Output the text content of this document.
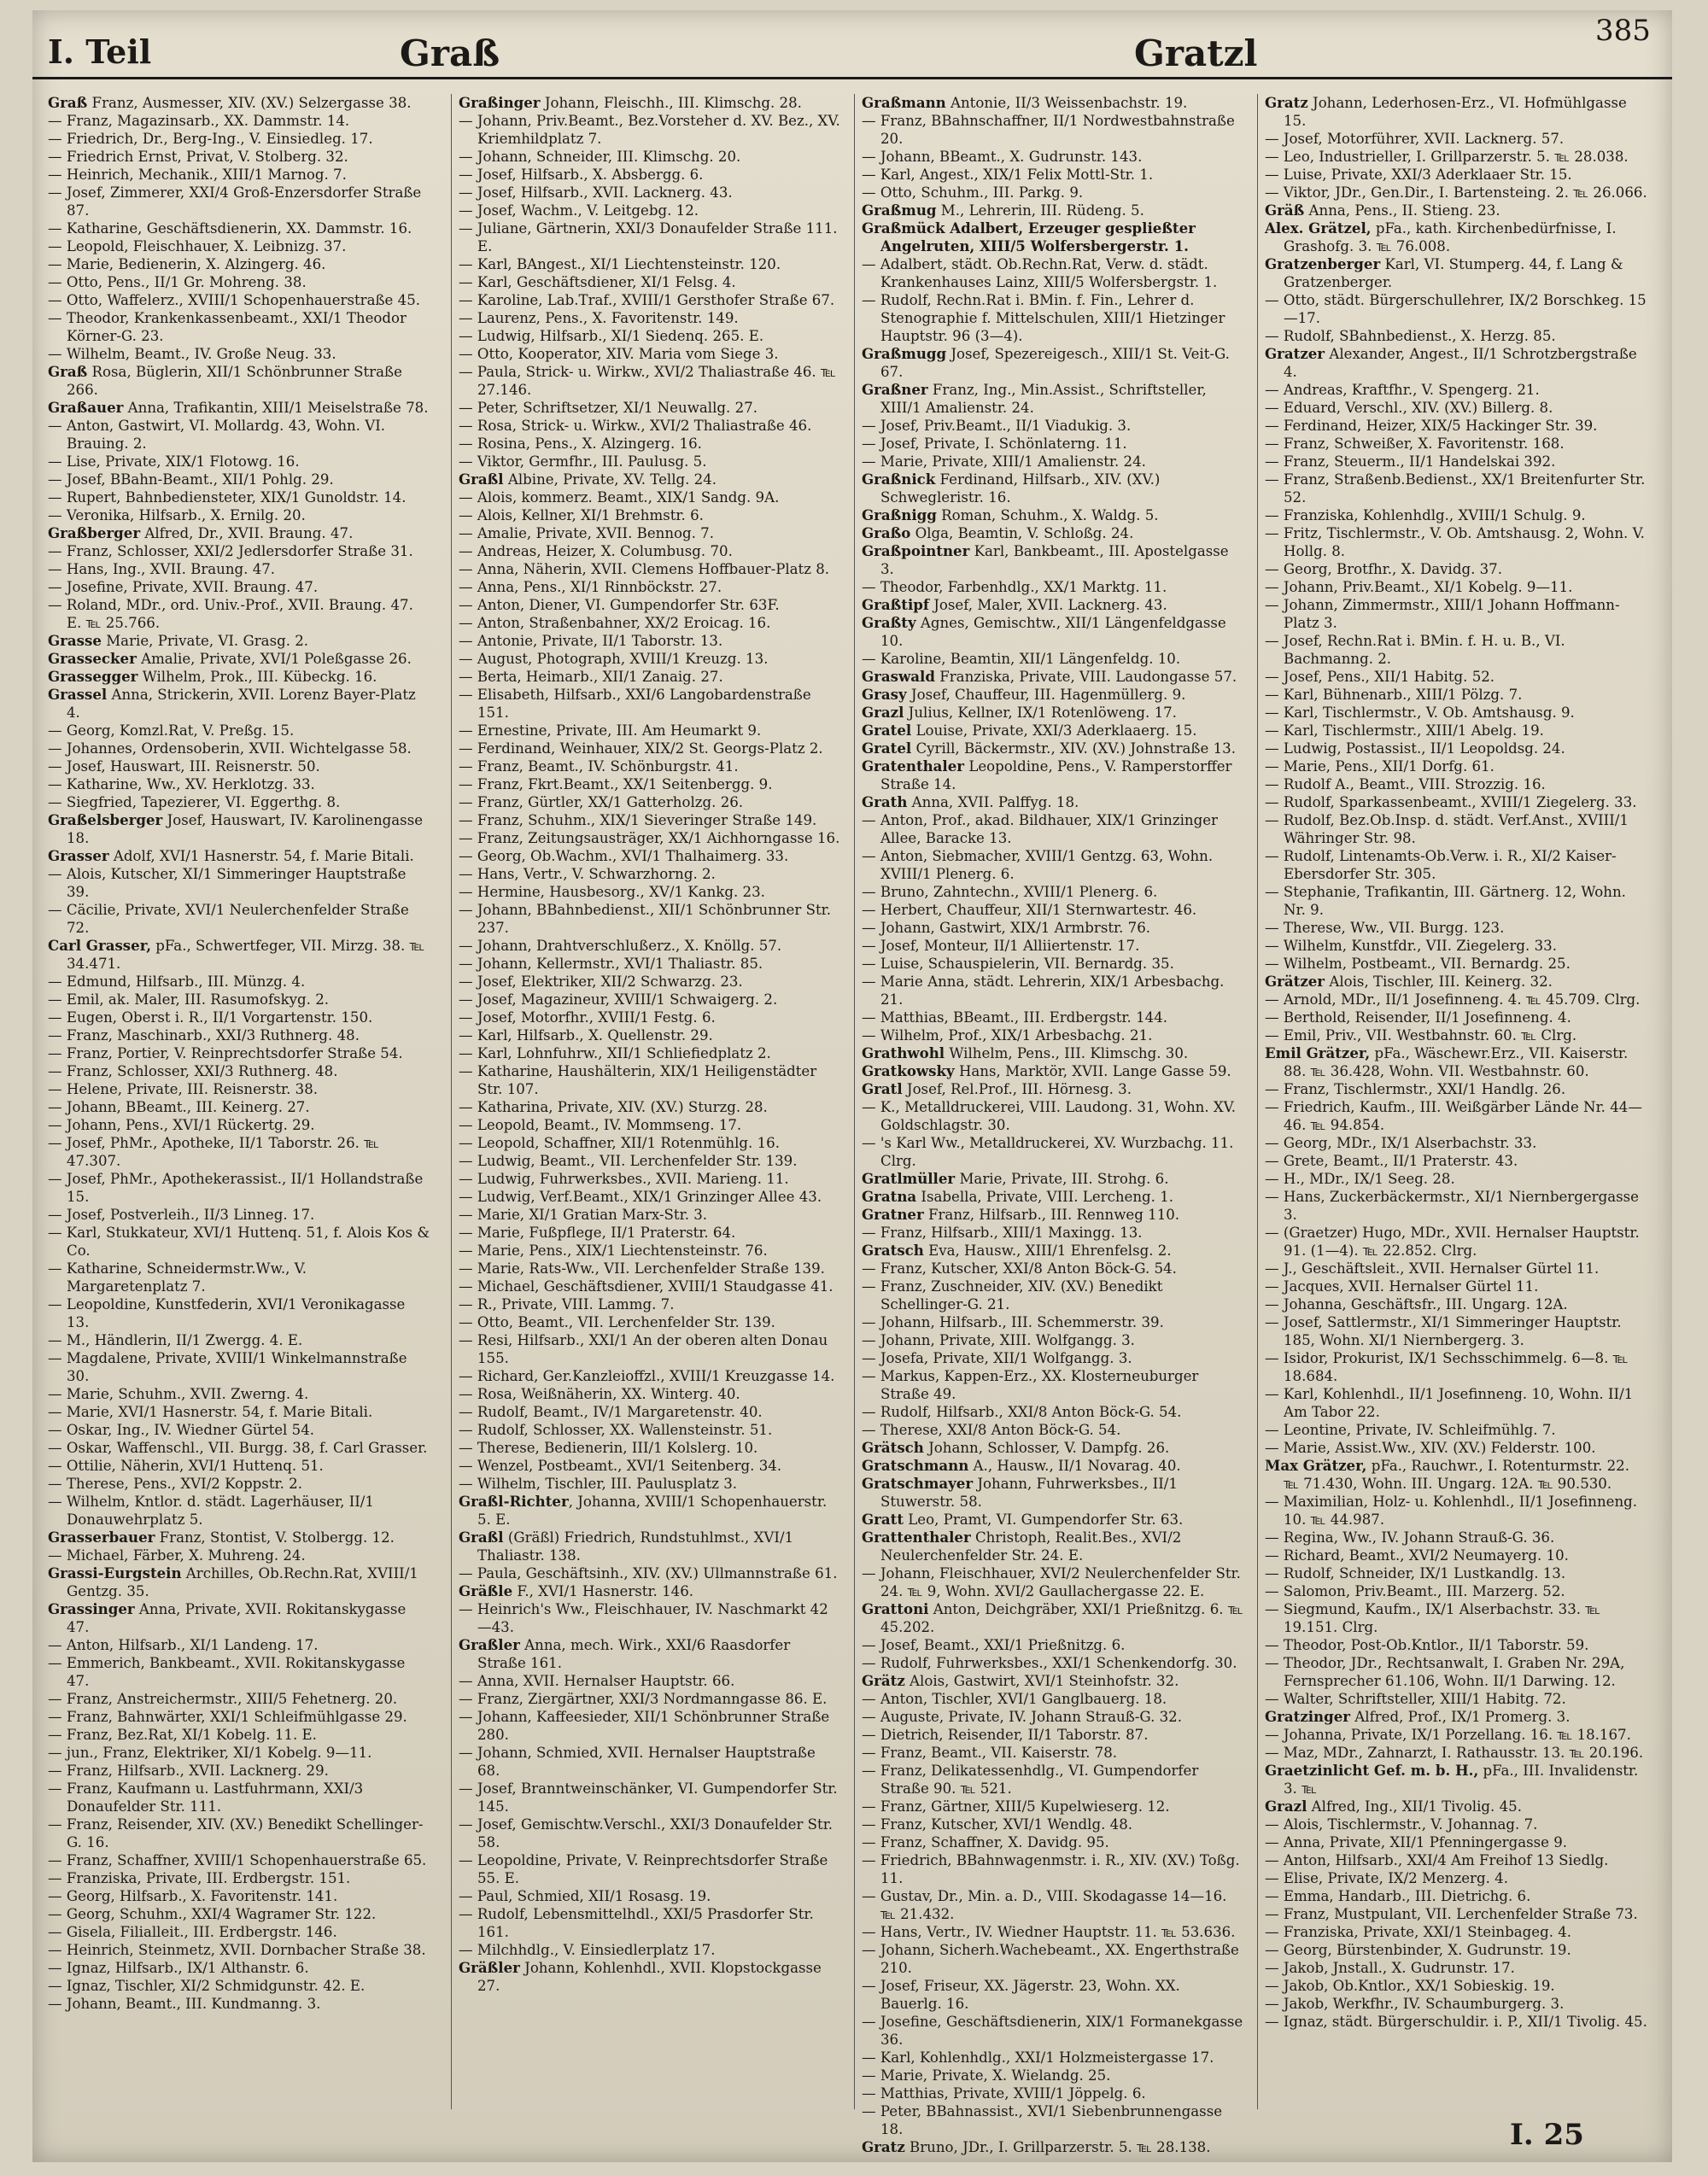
I. Teil	Graß	Gratzl
385

Graß Franz, Ausmesser, XIV. (XV.) Selzergasse 38.

— Franz, Magazinsarb., XX. Dammstr. 14.

— Friedrich, Dr., Berg-Ing., V. Einsiedleg. 17.

— Friedrich Ernst, Privat, V. Stolberg. 32.

— Heinrich, Mechanik., XIII/1 Marnog. 7.

— Josef, Zimmerer, XXI/4 Groß-Enzersdorfer Straße 87.

— Katharine, Geschäftsdienerin, XX. Dammstr. 16.

— Leopold, Fleischhauer, X. Leibnizg. 37.

— Marie, Bedienerin, X. Alzingerg. 46.

— Otto, Pens., II/1 Gr. Mohreng. 38.

— Otto, Waffelerz., XVIII/1 Schopenhauerstraße 45.

— Theodor, Krankenkassenbeamt., XXI/1 Theodor Körner-G. 23.

— Wilhelm, Beamt., IV. Große Neug. 33.

Graß Rosa, Büglerin, XII/1 Schönbrunner Straße 266.

Graßauer Anna, Trafikantin, XIII/1 Meiselstraße 78.

— Anton, Gastwirt, VI. Mollardg. 43, Wohn. VI. Brauing. 2.

— Lise, Private, XIX/1 Flotowg. 16.

— Josef, BBahn-Beamt., XII/1 Pohlg. 29.

— Rupert, Bahnbediensteter, XIX/1 Gunoldstr. 14.

— Veronika, Hilfsarb., X. Ernilg. 20.

Graßberger Alfred, Dr., XVII. Braung. 47.

— Franz, Schlosser, XXI/2 Jedlersdorfer Straße 31.

— Hans, Ing., XVII. Braung. 47.

— Josefine, Private, XVII. Braung. 47.

— Roland, MDr., ord. Univ.-Prof., XVII. Braung. 47. E. ℡ 25.766.

Grasse Marie, Private, VI. Grasg. 2.

Grassecker Amalie, Private, XVI/1 Poleßgasse 26.

Grassegger Wilhelm, Prok., III. Kübeckg. 16.

Grassel Anna, Strickerin, XVII. Lorenz Bayer-Platz 4.

— Georg, Komzl.Rat, V. Preßg. 15.

— Johannes, Ordensoberin, XVII. Wichtelgasse 58.

— Josef, Hauswart, III. Reisnerstr. 50.

— Katharine, Ww., XV. Herklotzg. 33.

— Siegfried, Tapezierer, VI. Eggerthg. 8.

Graßelsberger Josef, Hauswart, IV. Karolinengasse 18.

Grasser Adolf, XVI/1 Hasnerstr. 54, f. Marie Bitali.

— Alois, Kutscher, XI/1 Simmeringer Hauptstraße 39.

— Cäcilie, Private, XVI/1 Neulerchenfelder Straße 72.

Carl Grasser, pFa., Schwertfeger, VII. Mirzg. 38. ℡ 34.471.

— Edmund, Hilfsarb., III. Münzg. 4.

— Emil, ak. Maler, III. Rasumofskyg. 2.

— Eugen, Oberst i. R., II/1 Vorgartenstr. 150.

— Franz, Maschinarb., XXI/3 Ruthnerg. 48.

— Franz, Portier, V. Reinprechtsdorfer Straße 54.

— Franz, Schlosser, XXI/3 Ruthnerg. 48.

— Helene, Private, III. Reisnerstr. 38.

— Johann, BBeamt., III. Keinerg. 27.

— Johann, Pens., XVI/1 Rückertg. 29.

— Josef, PhMr., Apotheke, II/1 Taborstr. 26. ℡ 47.307.

— Josef, PhMr., Apothekerassist., II/1 Hollandstraße 15.

— Josef, Postverleih., II/3 Linneg. 17.

— Karl, Stukkateur, XVI/1 Huttenq. 51, f. Alois Kos & Co.

— Katharine, Schneidermstr.Ww., V. Margaretenplatz 7.

— Leopoldine, Kunstfederin, XVI/1 Veronikagasse 13.

— M., Händlerin, II/1 Zwergg. 4. E.

— Magdalene, Private, XVIII/1 Winkelmannstraße 30.

— Marie, Schuhm., XVII. Zwerng. 4.

— Marie, XVI/1 Hasnerstr. 54, f. Marie Bitali.

— Oskar, Ing., IV. Wiedner Gürtel 54.

— Oskar, Waffenschl., VII. Burgg. 38, f. Carl Grasser.

— Ottilie, Näherin, XVI/1 Huttenq. 51.

— Therese, Pens., XVI/2 Koppstr. 2.

— Wilhelm, Kntlor. d. städt. Lagerhäuser, II/1 Donauwehrplatz 5.

Grasserbauer Franz, Stontist, V. Stolbergg. 12.

— Michael, Färber, X. Muhreng. 24.

Grassi-Eurgstein Archilles, Ob.Rechn.Rat, XVIII/1 Gentzg. 35.

Grassinger Anna, Private, XVII. Rokitanskygasse 47.

— Anton, Hilfsarb., XI/1 Landeng. 17.

— Emmerich, Bankbeamt., XVII. Rokitanskygasse 47.

— Franz, Anstreichermstr., XIII/5 Fehetnerg. 20.

— Franz, Bahnwärter, XXI/1 Schleifmühlgasse 29.

— Franz, Bez.Rat, XI/1 Kobelg. 11. E.

— jun., Franz, Elektriker, XI/1 Kobelg. 9—11.

— Franz, Hilfsarb., XVII. Lacknerg. 29.

— Franz, Kaufmann u. Lastfuhrmann, XXI/3 Donaufelder Str. 111.

— Franz, Reisender, XIV. (XV.) Benedikt Schellinger-G. 16.

— Franz, Schaffner, XVIII/1 Schopenhauerstraße 65.

— Franziska, Private, III. Erdbergstr. 151.

— Georg, Hilfsarb., X. Favoritenstr. 141.

— Georg, Schuhm., XXI/4 Wagramer Str. 122.

— Gisela, Filialleit., III. Erdbergstr. 146.

— Heinrich, Steinmetz, XVII. Dornbacher Straße 38.

— Ignaz, Hilfsarb., IX/1 Althanstr. 6.

— Ignaz, Tischler, XI/2 Schmidgunstr. 42. E.

— Johann, Beamt., III. Kundmanng. 3.

Graßinger Johann, Fleischh., III. Klimschg. 28.

— Johann, Priv.Beamt., Bez.Vorsteher d. XV. Bez., XV. Kriemhildplatz 7.

— Johann, Schneider, III. Klimschg. 20.

— Josef, Hilfsarb., X. Absbergg. 6.

— Josef, Hilfsarb., XVII. Lacknerg. 43.

— Josef, Wachm., V. Leitgebg. 12.

— Juliane, Gärtnerin, XXI/3 Donaufelder Straße 111. E.

— Karl, BAngest., XI/1 Liechtensteinstr. 120.

— Karl, Geschäftsdiener, XI/1 Felsg. 4.

— Karoline, Lab.Traf., XVIII/1 Gersthofer Straße 67.

— Laurenz, Pens., X. Favoritenstr. 149.

— Ludwig, Hilfsarb., XI/1 Siedenq. 265. E.

— Otto, Kooperator, XIV. Maria vom Siege 3.

— Paula, Strick- u. Wirkw., XVI/2 Thaliastraße 46. ℡ 27.146.

— Peter, Schriftsetzer, XI/1 Neuwallg. 27.

— Rosa, Strick- u. Wirkw., XVI/2 Thaliastraße 46.

— Rosina, Pens., X. Alzingerg. 16.

— Viktor, Germfhr., III. Paulusg. 5.

Graßl Albine, Private, XV. Tellg. 24.

— Alois, kommerz. Beamt., XIX/1 Sandg. 9A.

— Alois, Kellner, XI/1 Brehmstr. 6.

— Amalie, Private, XVII. Bennog. 7.

— Andreas, Heizer, X. Columbusg. 70.

— Anna, Näherin, XVII. Clemens Hoffbauer-Platz 8.

— Anna, Pens., XI/1 Rinnböckstr. 27.

— Anton, Diener, VI. Gumpendorfer Str. 63F.

— Anton, Straßenbahner, XX/2 Eroicag. 16.

— Antonie, Private, II/1 Taborstr. 13.

— August, Photograph, XVIII/1 Kreuzg. 13.

— Berta, Heimarb., XII/1 Zanaig. 27.

— Elisabeth, Hilfsarb., XXI/6 Langobardenstraße 151.

— Ernestine, Private, III. Am Heumarkt 9.

— Ferdinand, Weinhauer, XIX/2 St. Georgs-Platz 2.

— Franz, Beamt., IV. Schönburgstr. 41.

— Franz, Fkrt.Beamt., XX/1 Seitenbergg. 9.

— Franz, Gürtler, XX/1 Gatterholzg. 26.

— Franz, Schuhm., XIX/1 Sieveringer Straße 149.

— Franz, Zeitungsausträger, XX/1 Aichhorngasse 16.

— Georg, Ob.Wachm., XVI/1 Thalhaimerg. 33.

— Hans, Vertr., V. Schwarzhorng. 2.

— Hermine, Hausbesorg., XV/1 Kankg. 23.

— Johann, BBahnbedienst., XII/1 Schönbrunner Str. 237.

— Johann, Drahtverschlußerz., X. Knöllg. 57.

— Johann, Kellermstr., XVI/1 Thaliastr. 85.

— Josef, Elektriker, XII/2 Schwarzg. 23.

— Josef, Magazineur, XVIII/1 Schwaigerg. 2.

— Josef, Motorfhr., XVIII/1 Festg. 6.

— Karl, Hilfsarb., X. Quellenstr. 29.

— Karl, Lohnfuhrw., XII/1 Schliefiedplatz 2.

— Katharine, Haushälterin, XIX/1 Heiligenstädter Str. 107.

— Katharina, Private, XIV. (XV.) Sturzg. 28.

— Leopold, Beamt., IV. Mommseng. 17.

— Leopold, Schaffner, XII/1 Rotenmühlg. 16.

— Ludwig, Beamt., VII. Lerchenfelder Str. 139.

— Ludwig, Fuhrwerksbes., XVII. Marieng. 11.

— Ludwig, Verf.Beamt., XIX/1 Grinzinger Allee 43.

— Marie, XI/1 Gratian Marx-Str. 3.

— Marie, Fußpflege, II/1 Praterstr. 64.

— Marie, Pens., XIX/1 Liechtensteinstr. 76.

— Marie, Rats-Ww., VII. Lerchenfelder Straße 139.

— Michael, Geschäftsdiener, XVIII/1 Staudgasse 41.

— R., Private, VIII. Lammg. 7.

— Otto, Beamt., VII. Lerchenfelder Str. 139.

— Resi, Hilfsarb., XXI/1 An der oberen alten Donau 155.

— Richard, Ger.Kanzleioffzl., XVIII/1 Kreuzgasse 14.

— Rosa, Weißnäherin, XX. Winterg. 40.

— Rudolf, Beamt., IV/1 Margaretenstr. 40.

— Rudolf, Schlosser, XX. Wallensteinstr. 51.

— Therese, Bedienerin, III/1 Kolslerg. 10.

— Wenzel, Postbeamt., XVI/1 Seitenberg. 34.

— Wilhelm, Tischler, III. Paulusplatz 3.

Graßl-Richter, Johanna, XVIII/1 Schopenhauerstr. 5. E.

Graßl (Gräßl) Friedrich, Rundstuhlmst., XVI/1 Thaliastr. 138.

— Paula, Geschäftsinh., XIV. (XV.) Ullmannstraße 61.

Gräßle F., XVI/1 Hasnerstr. 146.

— Heinrich's Ww., Fleischhauer, IV. Naschmarkt 42—43.

Graßler Anna, mech. Wirk., XXI/6 Raasdorfer Straße 161.

— Anna, XVII. Hernalser Hauptstr. 66.

— Franz, Ziergärtner, XXI/3 Nordmanngasse 86. E.

— Johann, Kaffeesieder, XII/1 Schönbrunner Straße 280.

— Johann, Schmied, XVII. Hernalser Hauptstraße 68.

— Josef, Branntweinschänker, VI. Gumpendorfer Str. 145.

— Josef, Gemischtw.Verschl., XXI/3 Donaufelder Str. 58.

— Leopoldine, Private, V. Reinprechtsdorfer Straße 55. E.

— Paul, Schmied, XII/1 Rosasg. 19.

— Rudolf, Lebensmittelhdl., XXI/5 Prasdorfer Str. 161.

— Milchhdlg., V. Einsiedlerplatz 17.

Gräßler Johann, Kohlenhdl., XVII. Klopstockgasse 27.

Graßmann Antonie, II/3 Weissenbachstr. 19.

— Franz, BBahnschaffner, II/1 Nordwestbahnstraße 20.

— Johann, BBeamt., X. Gudrunstr. 143.

— Karl, Angest., XIX/1 Felix Mottl-Str. 1.

— Otto, Schuhm., III. Parkg. 9.

Graßmug M., Lehrerin, III. Rüdeng. 5.

Graßmück Adalbert, Erzeuger gespließter Angelruten, XIII/5 Wolfersbergerstr. 1.

— Adalbert, städt. Ob.Rechn.Rat, Verw. d. städt. Krankenhauses Lainz, XIII/5 Wolfersbergstr. 1.

— Rudolf, Rechn.Rat i. BMin. f. Fin., Lehrer d. Stenographie f. Mittelschulen, XIII/1 Hietzinger Hauptstr. 96 (3—4).

Graßmugg Josef, Spezereigesch., XIII/1 St. Veit-G. 67.

Graßner Franz, Ing., Min.Assist., Schriftsteller, XIII/1 Amalienstr. 24.

— Josef, Priv.Beamt., II/1 Viadukig. 3.

— Josef, Private, I. Schönlaterng. 11.

— Marie, Private, XIII/1 Amalienstr. 24.

Graßnick Ferdinand, Hilfsarb., XIV. (XV.) Schwegleristr. 16.

Graßnigg Roman, Schuhm., X. Waldg. 5.

Graßo Olga, Beamtin, V. Schloßg. 24.

Graßpointner Karl, Bankbeamt., III. Apostelgasse 3.

— Theodor, Farbenhdlg., XX/1 Marktg. 11.

Graßtipf Josef, Maler, XVII. Lacknerg. 43.

Graßty Agnes, Gemischtw., XII/1 Längenfeldgasse 10.

— Karoline, Beamtin, XII/1 Längenfeldg. 10.

Graswald Franziska, Private, VIII. Laudongasse 57.

Grasy Josef, Chauffeur, III. Hagenmüllerg. 9.

Grazl Julius, Kellner, IX/1 Rotenlöweng. 17.

Gratel Louise, Private, XXI/3 Aderklaaerg. 15.

Gratel Cyrill, Bäckermstr., XIV. (XV.) Johnstraße 13.

Gratenthaler Leopoldine, Pens., V. Ramperstorffer Straße 14.

Grath Anna, XVII. Palffyg. 18.

— Anton, Prof., akad. Bildhauer, XIX/1 Grinzinger Allee, Baracke 13.

— Anton, Siebmacher, XVIII/1 Gentzg. 63, Wohn. XVIII/1 Plenerg. 6.

— Bruno, Zahntechn., XVIII/1 Plenerg. 6.

— Herbert, Chauffeur, XII/1 Sternwartestr. 46.

— Johann, Gastwirt, XIX/1 Armbrstr. 76.

— Josef, Monteur, II/1 Alliiertenstr. 17.

— Luise, Schauspielerin, VII. Bernardg. 35.

— Marie Anna, städt. Lehrerin, XIX/1 Arbesbachg. 21.

— Matthias, BBeamt., III. Erdbergstr. 144.

— Wilhelm, Prof., XIX/1 Arbesbachg. 21.

Grathwohl Wilhelm, Pens., III. Klimschg. 30.

Gratkowsky Hans, Marktör, XVII. Lange Gasse 59.

Gratl Josef, Rel.Prof., III. Hörnesg. 3.

— K., Metalldruckerei, VIII. Laudong. 31, Wohn. XV. Goldschlagstr. 30.

— 's Karl Ww., Metalldruckerei, XV. Wurzbachg. 11. Clrg.

Gratlmüller Marie, Private, III. Strohg. 6.

Gratna Isabella, Private, VIII. Lercheng. 1.

Gratner Franz, Hilfsarb., III. Rennweg 110.

— Franz, Hilfsarb., XIII/1 Maxingg. 13.

Gratsch Eva, Hausw., XIII/1 Ehrenfelsg. 2.

— Franz, Kutscher, XXI/8 Anton Böck-G. 54.

— Franz, Zuschneider, XIV. (XV.) Benedikt Schellinger-G. 21.

— Johann, Hilfsarb., III. Schemmerstr. 39.

— Johann, Private, XIII. Wolfgangg. 3.

— Josefa, Private, XII/1 Wolfgangg. 3.

— Markus, Kappen-Erz., XX. Klosterneuburger Straße 49.

— Rudolf, Hilfsarb., XXI/8 Anton Böck-G. 54.

— Therese, XXI/8 Anton Böck-G. 54.

Grätsch Johann, Schlosser, V. Dampfg. 26.

Gratschmann A., Hausw., II/1 Novarag. 40.

Gratschmayer Johann, Fuhrwerksbes., II/1 Stuwerstr. 58.

Gratt Leo, Pramt, VI. Gumpendorfer Str. 63.

Grattenthaler Christoph, Realit.Bes., XVI/2 Neulerchenfelder Str. 24. E.

— Johann, Fleischhauer, XVI/2 Neulerchenfelder Str. 24. ℡ 9, Wohn. XVI/2 Gaullachergasse 22. E.

Grattoni Anton, Deichgräber, XXI/1 Prießnitzg. 6. ℡ 45.202.

— Josef, Beamt., XXI/1 Prießnitzg. 6.

— Rudolf, Fuhrwerksbes., XXI/1 Schenkendorfg. 30.

Grätz Alois, Gastwirt, XVI/1 Steinhofstr. 32.

— Anton, Tischler, XVI/1 Ganglbauerg. 18.

— Auguste, Private, IV. Johann Strauß-G. 32.

— Dietrich, Reisender, II/1 Taborstr. 87.

— Franz, Beamt., VII. Kaiserstr. 78.

— Franz, Delikatessenhdlg., VI. Gumpendorfer Straße 90. ℡ 521.

— Franz, Gärtner, XIII/5 Kupelwieserg. 12.

— Franz, Kutscher, XVI/1 Wendlg. 48.

— Franz, Schaffner, X. Davidg. 95.

— Friedrich, BBahnwagenmstr. i. R., XIV. (XV.) Toßg. 11.

— Gustav, Dr., Min. a. D., VIII. Skodagasse 14—16. ℡ 21.432.

— Hans, Vertr., IV. Wiedner Hauptstr. 11. ℡ 53.636.

— Johann, Sicherh.Wachebeamt., XX. Engerthstraße 210.

— Josef, Friseur, XX. Jägerstr. 23, Wohn. XX. Bauerlg. 16.

— Josefine, Geschäftsdienerin, XIX/1 Formanekgasse 36.

— Karl, Kohlenhdlg., XXI/1 Holzmeistergasse 17.

— Marie, Private, X. Wielandg. 25.

— Matthias, Private, XVIII/1 Jöppelg. 6.

— Peter, BBahnassist., XVI/1 Siebenbrunnengasse 18.

Gratz Bruno, JDr., I. Grillparzerstr. 5. ℡ 28.138.

Gratz Johann, Lederhosen-Erz., VI. Hofmühlgasse 15.

— Josef, Motorführer, XVII. Lacknerg. 57.

— Leo, Industrieller, I. Grillparzerstr. 5. ℡ 28.038.

— Luise, Private, XXI/3 Aderklaaer Str. 15.

— Viktor, JDr., Gen.Dir., I. Bartensteing. 2. ℡ 26.066.

Gräß Anna, Pens., II. Stieng. 23.

Alex. Grätzel, pFa., kath. Kirchenbedürfnisse, I. Grashofg. 3. ℡ 76.008.

Gratzenberger Karl, VI. Stumperg. 44, f. Lang & Gratzenberger.

— Otto, städt. Bürgerschullehrer, IX/2 Borschkeg. 15—17.

— Rudolf, SBahnbedienst., X. Herzg. 85.

Gratzer Alexander, Angest., II/1 Schrotzbergstraße 4.

— Andreas, Kraftfhr., V. Spengerg. 21.

— Eduard, Verschl., XIV. (XV.) Billerg. 8.

— Ferdinand, Heizer, XIX/5 Hackinger Str. 39.

— Franz, Schweißer, X. Favoritenstr. 168.

— Franz, Steuerm., II/1 Handelskai 392.

— Franz, Straßenb.Bedienst., XX/1 Breitenfurter Str. 52.

— Franziska, Kohlenhdlg., XVIII/1 Schulg. 9.

— Fritz, Tischlermstr., V. Ob. Amtshausg. 2, Wohn. V. Hollg. 8.

— Georg, Brotfhr., X. Davidg. 37.

— Johann, Priv.Beamt., XI/1 Kobelg. 9—11.

— Johann, Zimmermstr., XIII/1 Johann Hoffmann-Platz 3.

— Josef, Rechn.Rat i. BMin. f. H. u. B., VI. Bachmanng. 2.

— Josef, Pens., XII/1 Habitg. 52.

— Karl, Bühnenarb., XIII/1 Pölzg. 7.

— Karl, Tischlermstr., V. Ob. Amtshausg. 9.

— Karl, Tischlermstr., XIII/1 Abelg. 19.

— Ludwig, Postassist., II/1 Leopoldsg. 24.

— Marie, Pens., XII/1 Dorfg. 61.

— Rudolf A., Beamt., VIII. Strozzig. 16.

— Rudolf, Sparkassenbeamt., XVIII/1 Ziegelerg. 33.

— Rudolf, Bez.Ob.Insp. d. städt. Verf.Anst., XVIII/1 Währinger Str. 98.

— Rudolf, Lintenamts-Ob.Verw. i. R., XI/2 Kaiser-Ebersdorfer Str. 305.

— Stephanie, Trafikantin, III. Gärtnerg. 12, Wohn. Nr. 9.

— Therese, Ww., VII. Burgg. 123.

— Wilhelm, Kunstfdr., VII. Ziegelerg. 33.

— Wilhelm, Postbeamt., VII. Bernardg. 25.

Grätzer Alois, Tischler, III. Keinerg. 32.

— Arnold, MDr., II/1 Josefinneng. 4. ℡ 45.709. Clrg.

— Berthold, Reisender, II/1 Josefinneng. 4.

— Emil, Priv., VII. Westbahnstr. 60. ℡ Clrg.

Emil Grätzer, pFa., Wäschewr.Erz., VII. Kaiserstr. 88. ℡ 36.428, Wohn. VII. Westbahnstr. 60.

— Franz, Tischlermstr., XXI/1 Handlg. 26.

— Friedrich, Kaufm., III. Weißgärber Lände Nr. 44—46. ℡ 94.854.

— Georg, MDr., IX/1 Alserbachstr. 33.

— Grete, Beamt., II/1 Praterstr. 43.

— H., MDr., IX/1 Seeg. 28.

— Hans, Zuckerbäckermstr., XI/1 Niernbergergasse 3.

— (Graetzer) Hugo, MDr., XVII. Hernalser Hauptstr. 91. (1—4). ℡ 22.852. Clrg.

— J., Geschäftsleit., XVII. Hernalser Gürtel 11.

— Jacques, XVII. Hernalser Gürtel 11.

— Johanna, Geschäftsfr., III. Ungarg. 12A.

— Josef, Sattlermstr., XI/1 Simmeringer Hauptstr. 185, Wohn. XI/1 Niernbergerg. 3.

— Isidor, Prokurist, IX/1 Sechsschimmelg. 6—8. ℡ 18.684.

— Karl, Kohlenhdl., II/1 Josefinneng. 10, Wohn. II/1 Am Tabor 22.

— Leontine, Private, IV. Schleifmühlg. 7.

— Marie, Assist.Ww., XIV. (XV.) Felderstr. 100.

Max Grätzer, pFa., Rauchwr., I. Rotenturmstr. 22. ℡ 71.430, Wohn. III. Ungarg. 12A. ℡ 90.530.

— Maximilian, Holz- u. Kohlenhdl., II/1 Josefinneng. 10. ℡ 44.987.

— Regina, Ww., IV. Johann Strauß-G. 36.

— Richard, Beamt., XVI/2 Neumayerg. 10.

— Rudolf, Schneider, IX/1 Lustkandlg. 13.

— Salomon, Priv.Beamt., III. Marzerg. 52.

— Siegmund, Kaufm., IX/1 Alserbachstr. 33. ℡ 19.151. Clrg.

— Theodor, Post-Ob.Kntlor., II/1 Taborstr. 59.

— Theodor, JDr., Rechtsanwalt, I. Graben Nr. 29A, Fernsprecher 61.106, Wohn. II/1 Darwing. 12.

— Walter, Schriftsteller, XIII/1 Habitg. 72.

Gratzinger Alfred, Prof., IX/1 Promerg. 3.

— Johanna, Private, IX/1 Porzellang. 16. ℡ 18.167.

— Maz, MDr., Zahnarzt, I. Rathausstr. 13. ℡ 20.196.

Graetzinlicht Gef. m. b. H., pFa., III. Invalidenstr. 3. ℡

Grazl Alfred, Ing., XII/1 Tivolig. 45.

— Alois, Tischlermstr., V. Johannag. 7.

— Anna, Private, XII/1 Pfenningergasse 9.

— Anton, Hilfsarb., XXI/4 Am Freihof 13 Siedlg.

— Elise, Private, IX/2 Menzerg. 4.

— Emma, Handarb., III. Dietrichg. 6.

— Franz, Mustpulant, VII. Lerchenfelder Straße 73.

— Franziska, Private, XXI/1 Steinbageg. 4.

— Georg, Bürstenbinder, X. Gudrunstr. 19.

— Jakob, Jnstall., X. Gudrunstr. 17.

— Jakob, Ob.Kntlor., XX/1 Sobieskig. 19.

— Jakob, Werkfhr., IV. Schaumburgerg. 3.

— Ignaz, städt. Bürgerschuldir. i. P., XII/1 Tivolig. 45.

I. 25
